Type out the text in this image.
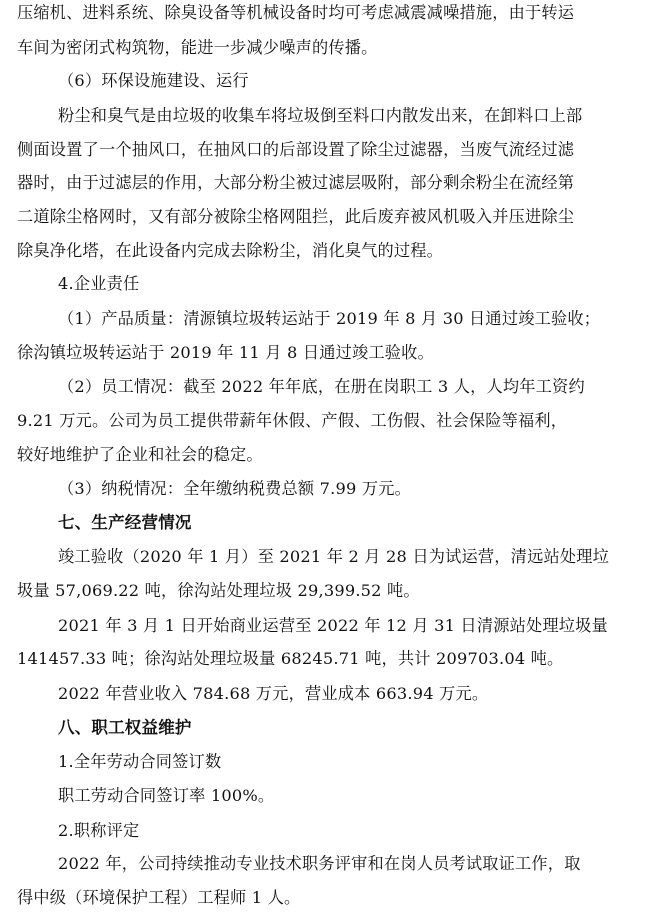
压缩机、进料系统、除臭设备等机械设备时均可考虑减震减噪措施，由于转运
车间为密闭式构筑物，能进一步减少噪声的传播。
（6）环保设施建设、运行
粉尘和臭气是由垃圾的收集车将垃圾倒至料口内散发出来，在卸料口上部
侧面设置了一个抽风口，在抽风口的后部设置了除尘过滤器，当废气流经过滤
器时，由于过滤层的作用，大部分粉尘被过滤层吸附，部分剩余粉尘在流经第
二道除尘格网时，又有部分被除尘格网阻拦，此后废弃被风机吸入并压进除尘
除臭净化塔，在此设备内完成去除粉尘，消化臭气的过程。
4.企业责任
（1）产品质量：清源镇垃圾转运站于 2019 年 8 月 30 日通过竣工验收；
徐沟镇垃圾转运站于 2019 年 11 月 8 日通过竣工验收。
（2）员工情况：截至 2022 年年底，在册在岗职工 3 人，人均年工资约
9.21 万元。公司为员工提供带薪年休假、产假、工伤假、社会保险等福利，
较好地维护了企业和社会的稳定。
（3）纳税情况：全年缴纳税费总额 7.99 万元。
七、生产经营情况
竣工验收（2020 年 1 月）至 2021 年 2 月 28 日为试运营，清远站处理垃
圾量 57,069.22 吨，徐沟站处理垃圾 29,399.52 吨。
2021 年 3 月 1 日开始商业运营至 2022 年 12 月 31 日清源站处理垃圾量
141457.33 吨；徐沟站处理垃圾量 68245.71 吨，共计 209703.04 吨。
2022 年营业收入 784.68 万元，营业成本 663.94 万元。
八、职工权益维护
1.全年劳动合同签订数
职工劳动合同签订率 100%。
2.职称评定
2022 年，公司持续推动专业技术职务评审和在岗人员考试取证工作，取
得中级（环境保护工程）工程师 1 人。
